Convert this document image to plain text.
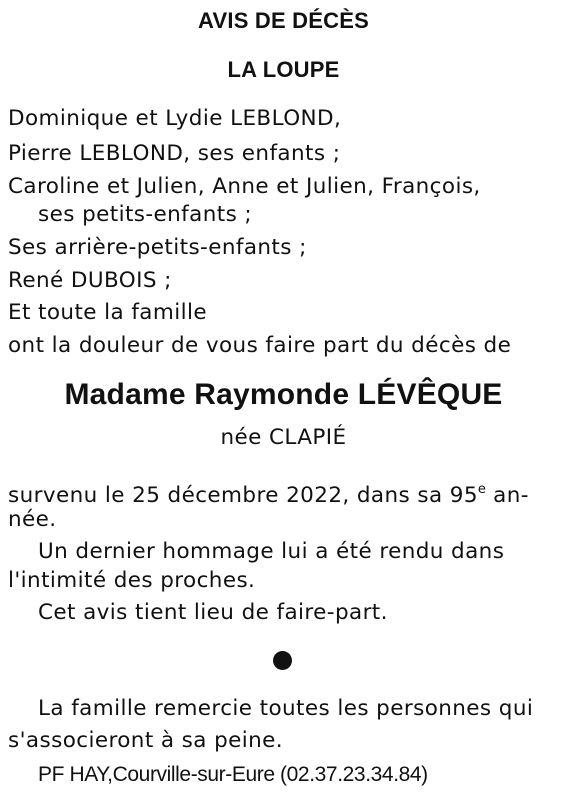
AVIS DE DÉCÈS
LA LOUPE

Dominique et Lydie LEBLOND,

Pierre LEBLOND, ses enfants ;

Caroline et Julien, Anne et Julien, François,

ses petits-enfants ;

Ses arrière-petits-enfants ;

René DUBOIS ;

Et toute la famille

ont la douleur de vous faire part du décès de

Madame Raymonde LÉVÊQUE

née CLAPIÉ

survenu le 25 décembre 2022, dans sa 95e an-

née.

Un dernier hommage lui a été rendu dans

l'intimité des proches.

Cet avis tient lieu de faire-part.

La famille remercie toutes les personnes qui

s'associeront à sa peine.

PF HAY,Courville-sur-Eure (02.37.23.34.84)
